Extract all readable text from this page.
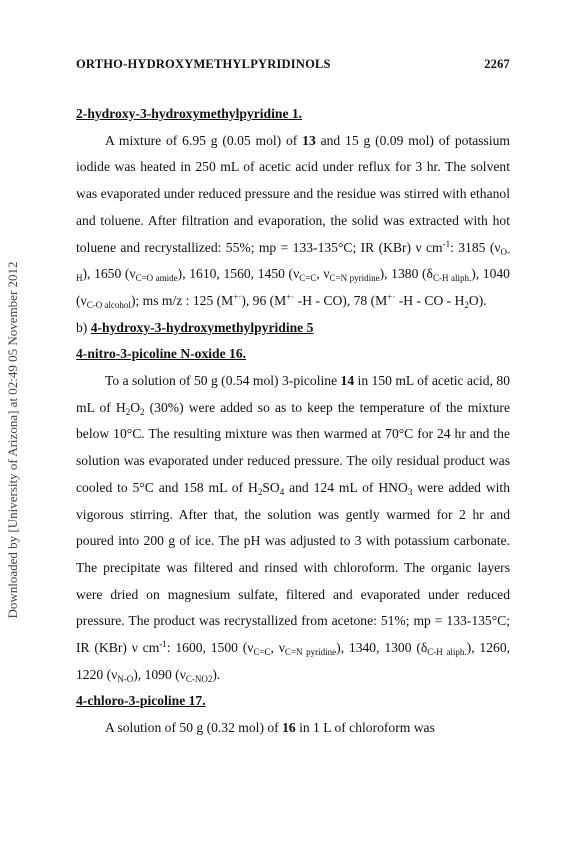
ORTHO-HYDROXYMETHYLPYRIDINOLS	2267
Downloaded by [University of Arizona] at 02:49 05 November 2012

2-hydroxy-3-hydroxymethylpyridine 1.

A mixture of 6.95 g (0.05 mol) of 13 and 15 g (0.09 mol) of potassium iodide was heated in 250 mL of acetic acid under reflux for 3 hr. The solvent was evaporated under reduced pressure and the residue was stirred with ethanol and toluene. After filtration and evaporation, the solid was extracted with hot toluene and recrystallized: 55%; mp = 133-135°C; IR (KBr) ν $cm^{-1}$: 3185 $(\nu_{O-H})$, 1650 $(\nu_{C=O amide})$, 1610, 1560, 1450 ($\nu_{C=C}$, $\nu_{C=N pyridine}$), 1380 $(\delta_{C-H aliph.})$, 1040 $(\nu_{C-O alcohol})$; ms m/z : 125 (M+·), 96 (M+· -H - CO), 78 (M+· -H - CO - $H_2O$).

b) 4-hydroxy-3-hydroxymethylpyridine 5

4-nitro-3-picoline N-oxide 16.

To a solution of 50 g (0.54 mol) 3-picoline 14 in 150 mL of acetic acid, 80 mL of $H_2O_2$ (30%) were added so as to keep the temperature of the mixture below 10°C. The resulting mixture was then warmed at 70°C for 24 hr and the solution was evaporated under reduced pressure. The oily residual product was cooled to 5°C and 158 mL of $H_2SO_4$ and 124 mL of $HNO_3$ were added with vigorous stirring. After that, the solution was gently warmed for 2 hr and poured into 200 g of ice. The pH was adjusted to 3 with potassium carbonate. The precipitate was filtered and rinsed with chloroform. The organic layers were dried on magnesium sulfate, filtered and evaporated under reduced pressure. The product was recrystallized from acetone: 51%; mp = 133-135°C; IR (KBr) ν $cm^{-1}$: 1600, 1500 ($\nu_{C=C}$, $\nu_{C=N pyridine}$), 1340, 1300 $(\delta_{C-H aliph.})$, 1260, 1220 $(\nu_{N-O})$, 1090 $(\nu_{C-NO2})$.

4-chloro-3-picoline 17.

A solution of 50 g (0.32 mol) of 16 in 1 L of chloroform was
